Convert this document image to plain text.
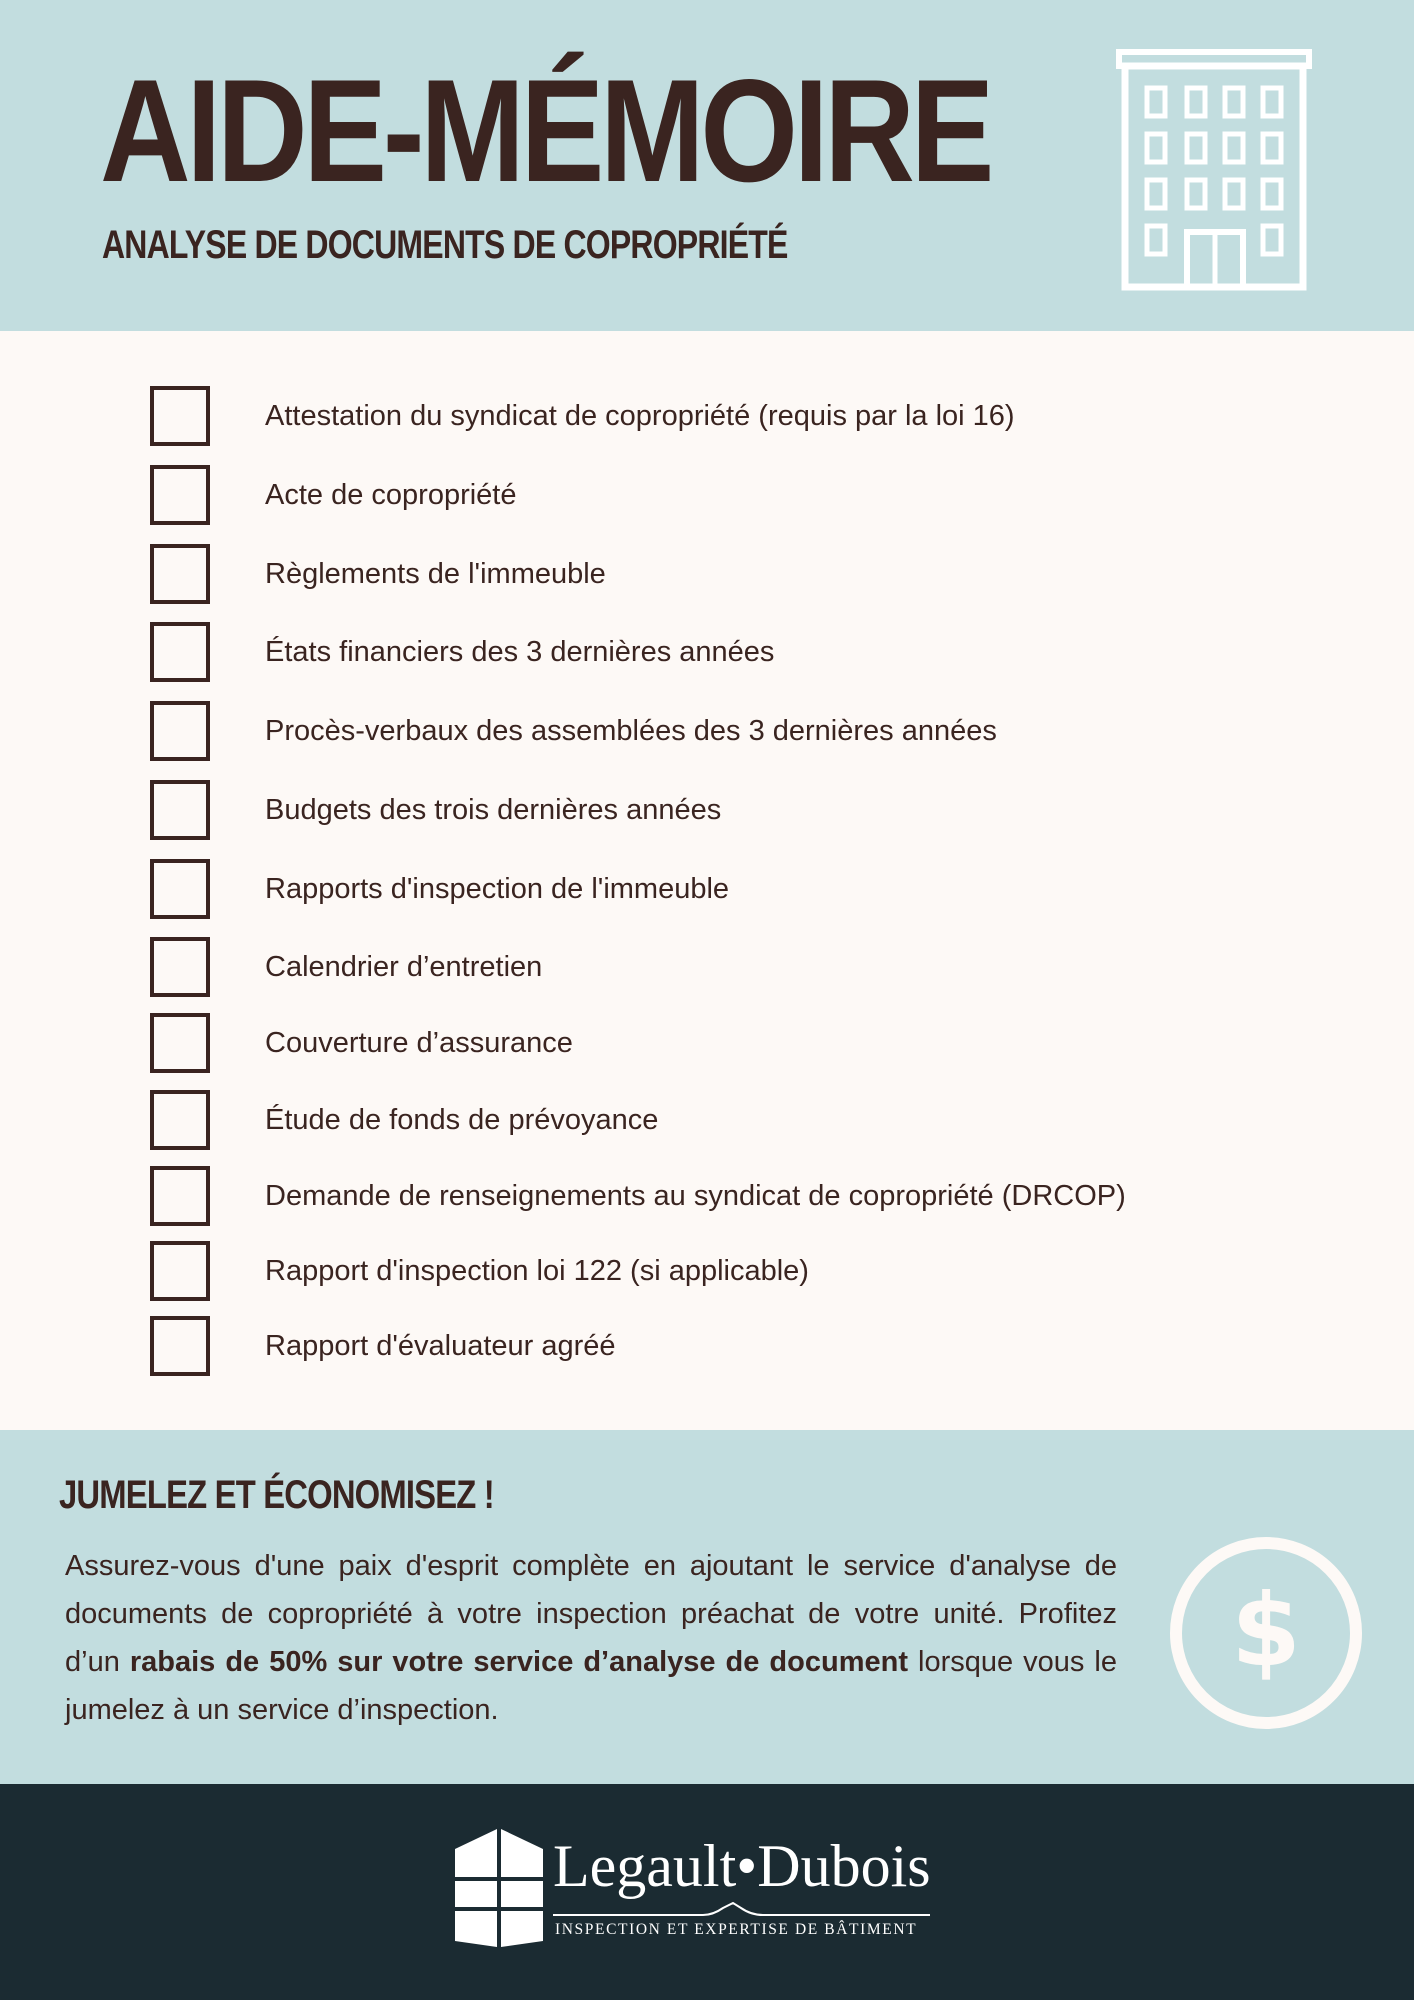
AIDE-MÉMOIRE
ANALYSE DE DOCUMENTS DE COPROPRIÉTÉ
Attestation du syndicat de copropriété (requis par la loi 16)
Acte de copropriété
Règlements de l'immeuble
États financiers des 3 dernières années
Procès-verbaux des assemblées des 3 dernières années
Budgets des trois dernières années
Rapports d'inspection de l'immeuble
Calendrier d’entretien
Couverture d’assurance
Étude de fonds de prévoyance
Demande de renseignements au syndicat de copropriété (DRCOP)
Rapport d'inspection loi 122 (si applicable)
Rapport d'évaluateur agréé
JUMELEZ ET ÉCONOMISEZ !

Assurez-vous d'une paix d'esprit complète en ajoutant le service d'analyse de documents de copropriété à votre inspection préachat de votre unité. Profitez d’un rabais de 50% sur votre service d’analyse de document lorsque vous le jumelez à un service d’inspection.

$
Legault•Dubois
INSPECTION ET EXPERTISE DE BÂTIMENT
